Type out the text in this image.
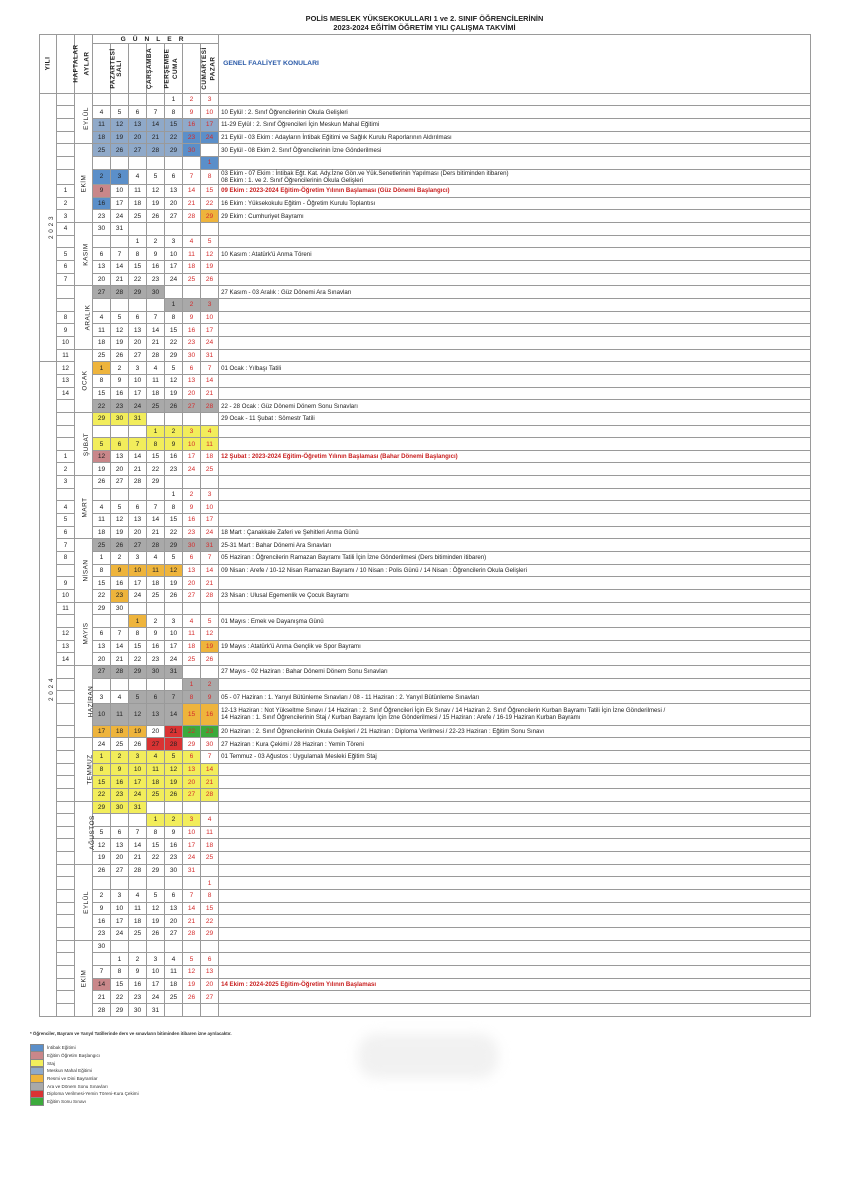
POLİS MESLEK YÜKSEKOKULLARI 1 ve 2. SINIF ÖĞRENCİLERİNİN
2023-2024 EĞİTİM ÖĞRETİM YILI ÇALIŞMA TAKVİMİ
YILI	HAFTALAR	AYLAR	GÜNLER							GENEL FAALİYET KONULARI
			PAZARTESİ	SALI	ÇARŞAMBA	PERŞEMBE	CUMA	CUMARTESİ	PAZAR	
2 0 2 3		EYLÜL					1	2	3	

			4	5	6	7	8	9	10	10 Eylül : 2. Sınıf Öğrencilerinin Okula Gelişleri

			11	12	13	14	15	16	17	11-29 Eylül : 2. Sınıf Öğrencileri İçin Meskun Mahal Eğitimi

			18	19	20	21	22	23	24	21 Eylül - 03 Ekim : Adayların İntibak Eğitimi ve Sağlık Kurulu Raporlarının Aldırılması

		EKİM	25	26	27	28	29	30		30 Eylül - 08 Ekim 2. Sınıf Öğrencilerinin İzne Gönderilmesi

									1	

			2	3	4	5	6	7	8	03 Ekim - 07 Ekim : İntibak Eğt. Kat. Ady.İzne Gön.ve Yük.Senetlerinin Yapılması (Ders bitiminden itibaren)
08 Ekim : 1. ve 2. Sınıf Öğrencilerinin Okula Gelişleri

	1		9	10	11	12	13	14	15	09 Ekim : 2023-2024 Eğitim-Öğretim Yılının Başlaması (Güz Dönemi Başlangıcı)

	2		16	17	18	19	20	21	22	16 Ekim : Yüksekokulu Eğitim - Öğretim Kurulu Toplantısı

	3		23	24	25	26	27	28	29	29 Ekim : Cumhuriyet Bayramı

	4	KASIM	30	31						

					1	2	3	4	5	

	5		6	7	8	9	10	11	12	10 Kasım : Atatürk'ü Anma Töreni

	6		13	14	15	16	17	18	19	

	7		20	21	22	23	24	25	26	

		ARALIK	27	28	29	30				27 Kasım - 03 Aralık : Güz Dönemi Ara Sınavları

							1	2	3	

	8		4	5	6	7	8	9	10	

	9		11	12	13	14	15	16	17	

	10		18	19	20	21	22	23	24	

	11	OCAK	25	26	27	28	29	30	31	

2 0 2 4	12		1	2	3	4	5	6	7	01 Ocak : Yılbaşı Tatili

	13		8	9	10	11	12	13	14	

	14		15	16	17	18	19	20	21	

			22	23	24	25	26	27	28	22 - 28 Ocak : Güz Dönemi Dönem Sonu Sınavları

		ŞUBAT	29	30	31					29 Ocak - 11 Şubat : Sömestr Tatili

						1	2	3	4	

			5	6	7	8	9	10	11	

	1		12	13	14	15	16	17	18	12 Şubat : 2023-2024 Eğitim-Öğretim Yılının Başlaması (Bahar Dönemi Başlangıcı)

	2		19	20	21	22	23	24	25	

	3	MART	26	27	28	29				

							1	2	3	

	4		4	5	6	7	8	9	10	

	5		11	12	13	14	15	16	17	

	6		18	19	20	21	22	23	24	18 Mart : Çanakkale Zaferi ve Şehitleri Anma Günü

	7	NİSAN	25	26	27	28	29	30	31	25-31 Mart : Bahar Dönemi Ara Sınavları

	8		1	2	3	4	5	6	7	05 Haziran : Öğrencilerin Ramazan Bayramı Tatili İçin İzne Gönderilmesi (Ders bitiminden itibaren)

			8	9	10	11	12	13	14	09 Nisan : Arefe / 10-12 Nisan Ramazan Bayramı / 10 Nisan : Polis Günü / 14 Nisan : Öğrencilerin Okula Gelişleri

	9		15	16	17	18	19	20	21	

	10		22	23	24	25	26	27	28	23 Nisan : Ulusal Egemenlik ve Çocuk Bayramı

	11	MAYIS	29	30						

					1	2	3	4	5	01 Mayıs : Emek ve Dayanışma Günü

	12		6	7	8	9	10	11	12	

	13		13	14	15	16	17	18	19	19 Mayıs : Atatürk'ü Anma Gençlik ve Spor Bayramı

	14		20	21	22	23	24	25	26	

		HAZİRAN	27	28	29	30	31			27 Mayıs - 02 Haziran : Bahar Dönemi Dönem Sonu Sınavları

								1	2	

			3	4	5	6	7	8	9	05 - 07 Haziran : 1. Yarıyıl Bütünleme Sınavları / 08 - 11 Haziran : 2. Yarıyıl Bütünleme Sınavları

			10	11	12	13	14	15	16	12-13 Haziran : Not Yükseltme Sınavı / 14 Haziran : 2. Sınıf Öğrencileri İçin Ek Sınav / 14 Haziran 2. Sınıf Öğrencilerin Kurban Bayramı Tatili İçin İzne Gönderilmesi /
14 Haziran : 1. Sınıf Öğrencilerinin Staj / Kurban Bayramı İçin İzne Gönderilmesi / 15 Haziran : Arefe / 16-19 Haziran Kurban Bayramı

			17	18	19	20	21	22	23	20 Haziran : 2. Sınıf Öğrencilerinin Okula Gelişleri / 21 Haziran : Diploma Verilmesi / 22-23 Haziran : Eğitim Sonu Sınavı

		TEMMUZ	24	25	26	27	28	29	30	27 Haziran : Kura Çekimi / 28 Haziran : Yemin Töreni

			1	2	3	4	5	6	7	01 Temmuz - 03 Ağustos : Uygulamalı Mesleki Eğitim Staj

			8	9	10	11	12	13	14	

			15	16	17	18	19	20	21	

			22	23	24	25	26	27	28	

		AĞUSTOS	29	30	31					

						1	2	3	4	

			5	6	7	8	9	10	11	

			12	13	14	15	16	17	18	

			19	20	21	22	23	24	25	

		EYLÜL	26	27	28	29	30	31		

									1	

			2	3	4	5	6	7	8	

			9	10	11	12	13	14	15	

			16	17	18	19	20	21	22	

			23	24	25	26	27	28	29	

		EKİM	30							

				1	2	3	4	5	6	

			7	8	9	10	11	12	13	

			14	15	16	17	18	19	20	14 Ekim : 2024-2025 Eğitim-Öğretim Yılının Başlaması

			21	22	23	24	25	26	27	

			28	29	30	31				
* Öğrenciler, Bayram ve Yarıyıl Tatillerinde ders ve sınavların bitiminden itibaren izne ayrılacaktır.
İntibak Eğitimi
Eğitim Öğretim Başlangıcı
Staj
Meskun Mahal Eğitimi
Resmi ve Dini Bayramlar
Ara ve Dönem Sonu Sınavları
Diploma Verilmesi-Yemin Töreni-Kura Çekimi
Eğitim Sonu Sınavı
